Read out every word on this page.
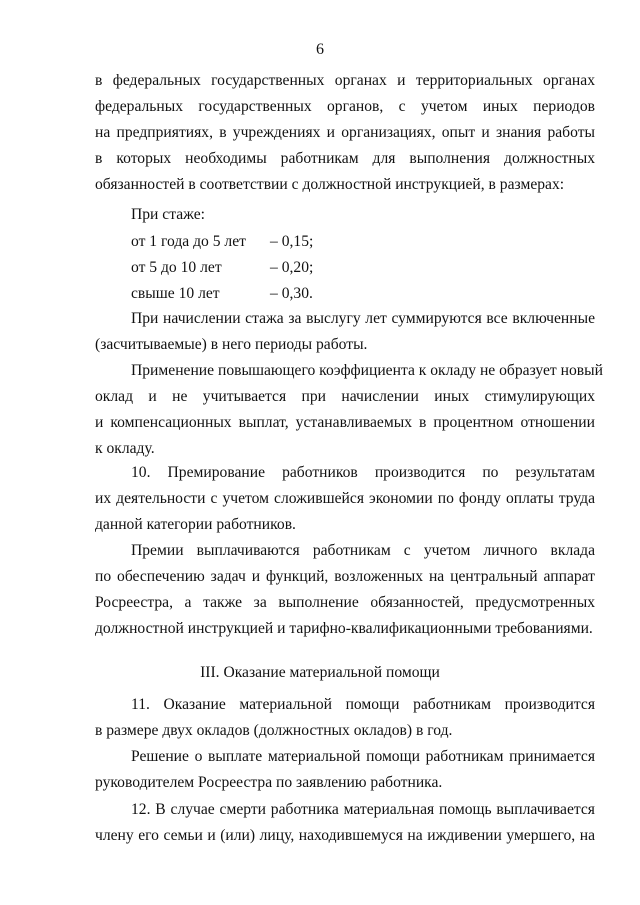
6
в федеральных государственных органах и территориальных органах
федеральных государственных органов, с учетом иных периодов
на предприятиях, в учреждениях и организациях, опыт и знания работы
в которых необходимы работникам для выполнения должностных
обязанностей в соответствии с должностной инструкцией, в размерах:
При стаже:
от 1 года до 5 лет – 0,15;
от 5 до 10 лет	– 0,20;
свыше 10 лет	– 0,30.
При начислении стажа за выслугу лет суммируются все включенные
(засчитываемые) в него периоды работы.
Применение повышающего коэффициента к окладу не образует новый
оклад и не учитывается при начислении иных стимулирующих
и компенсационных выплат, устанавливаемых в процентном отношении
к окладу.
10. Премирование работников производится по результатам
их деятельности с учетом сложившейся экономии по фонду оплаты труда
данной категории работников.
Премии выплачиваются работникам с учетом личного вклада
по обеспечению задач и функций, возложенных на центральный аппарат
Росреестра, а также за выполнение обязанностей, предусмотренных
должностной инструкцией и тарифно-квалификационными требованиями.
III. Оказание материальной помощи
11. Оказание материальной помощи работникам производится
в размере двух окладов (должностных окладов) в год.
Решение о выплате материальной помощи работникам принимается
руководителем Росреестра по заявлению работника.
12. В случае смерти работника материальная помощь выплачивается
члену его семьи и (или) лицу, находившемуся на иждивении умершего, на
